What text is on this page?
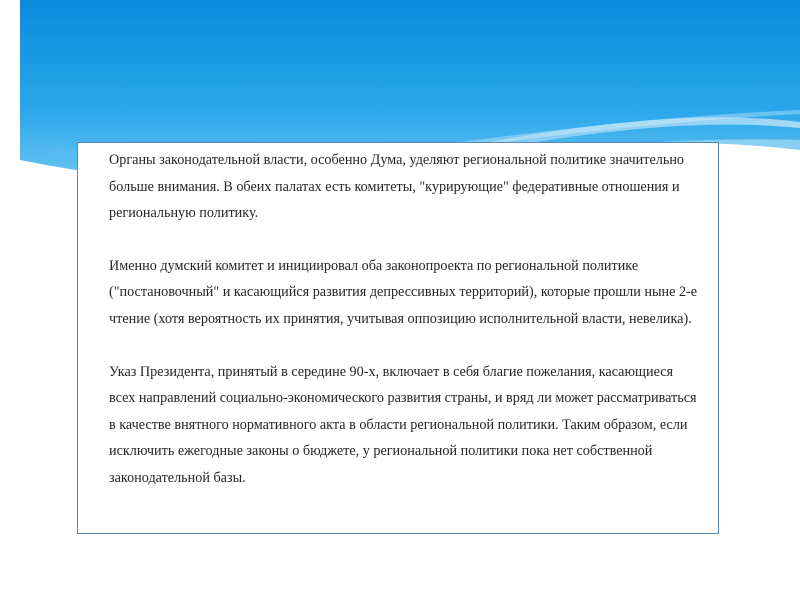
Органы законодательной власти, особенно Дума, уделяют региональной политике значительно больше внимания. В обеих палатах есть комитеты, "курирующие" федеративные отношения и региональную политику.

Именно думский комитет и инициировал оба законопроекта по региональной политике ("постановочный" и касающийся развития депрессивных территорий), которые прошли ныне 2-е чтение (хотя вероятность их принятия, учитывая оппозицию исполнительной власти, невелика).

Указ Президента, принятый в середине 90-х, включает в себя благие пожелания, касающиеся всех направлений социально-экономического развития страны, и вряд ли может рассматриваться в качестве внятного нормативного акта в области региональной политики. Таким образом, если исключить ежегодные законы о бюджете, у региональной политики пока нет собственной законодательной базы.
